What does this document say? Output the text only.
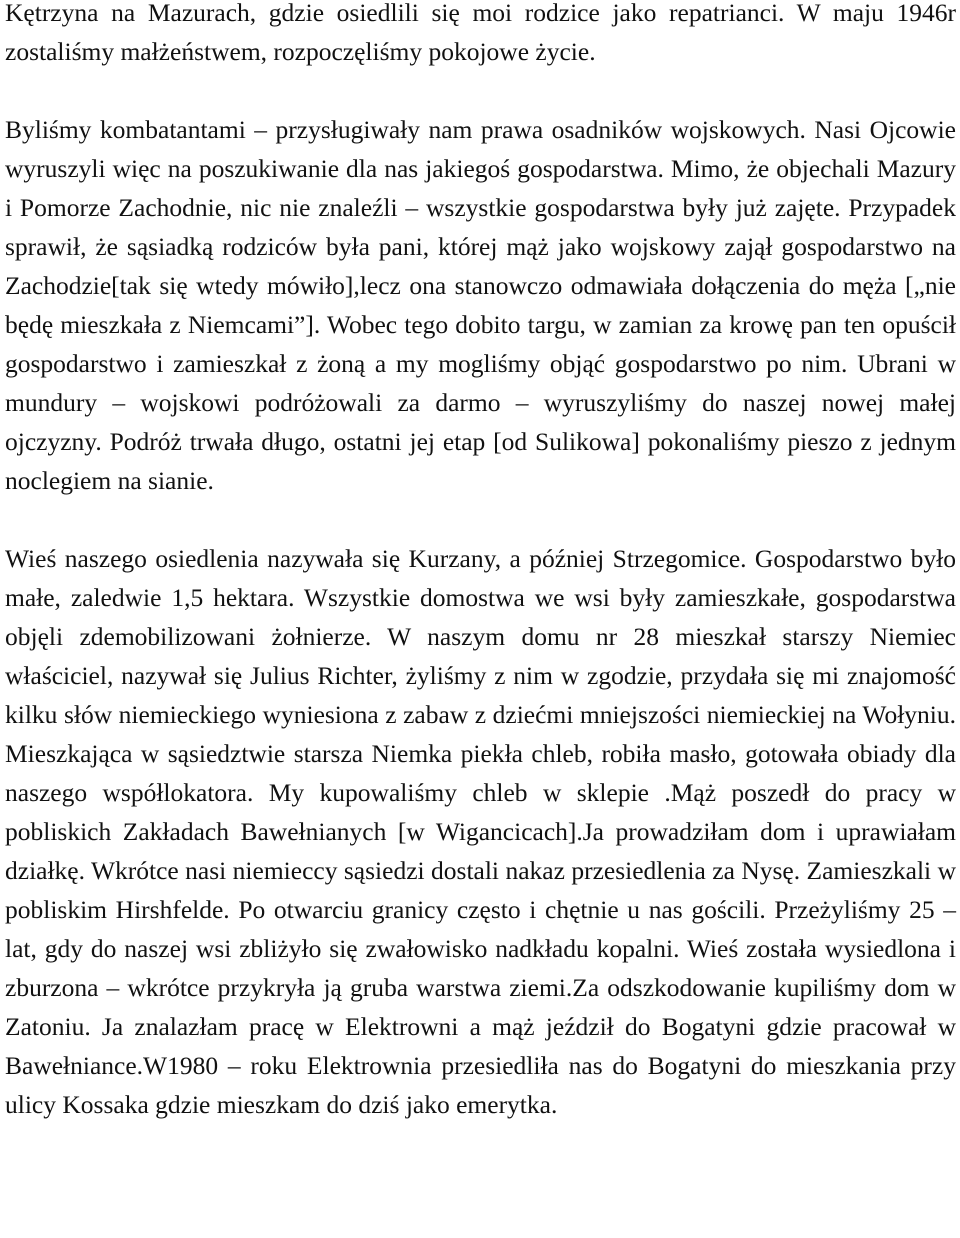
Kętrzyna na Mazurach, gdzie osiedlili się moi rodzice jako repatrianci. W maju 1946r zostaliśmy małżeństwem, rozpoczęliśmy pokojowe życie.

Byliśmy kombatantami – przysługiwały nam prawa osadników wojskowych. Nasi Ojcowie wyruszyli więc na poszukiwanie dla nas jakiegoś gospodarstwa. Mimo, że objechali Mazury i Pomorze Zachodnie, nic nie znaleźli – wszystkie gospodarstwa były już zajęte. Przypadek sprawił, że sąsiadką rodziców była pani, której mąż jako wojskowy zajął gospodarstwo na Zachodzie[tak się wtedy mówiło],lecz ona stanowczo odmawiała dołączenia do męża [„nie będę mieszkała z Niemcami”]. Wobec tego dobito targu, w zamian za krowę pan ten opuścił gospodarstwo i zamieszkał z żoną a my mogliśmy objąć gospodarstwo po nim. Ubrani w mundury – wojskowi podróżowali za darmo – wyruszyliśmy do naszej nowej małej ojczyzny. Podróż trwała długo, ostatni jej etap [od Sulikowa] pokonaliśmy pieszo z jednym noclegiem na sianie.

Wieś naszego osiedlenia nazywała się Kurzany, a później Strzegomice. Gospodarstwo było małe, zaledwie 1,5 hektara. Wszystkie domostwa we wsi były zamieszkałe, gospodarstwa objęli zdemobilizowani żołnierze. W naszym domu nr 28 mieszkał starszy Niemiec właściciel, nazywał się Julius Richter, żyliśmy z nim w zgodzie, przydała się mi znajomość kilku słów niemieckiego wyniesiona z zabaw z dziećmi mniejszości niemieckiej na Wołyniu. Mieszkająca w sąsiedztwie starsza Niemka piekła chleb, robiła masło, gotowała obiady dla naszego współlokatora. My kupowaliśmy chleb w sklepie .Mąż poszedł do pracy w pobliskich Zakładach Bawełnianych [w Wigancicach].Ja prowadziłam dom i uprawiałam działkę. Wkrótce nasi niemieccy sąsiedzi dostali nakaz przesiedlenia za Nysę. Zamieszkali w pobliskim Hirshfelde. Po otwarciu granicy często i chętnie u nas gościli. Przeżyliśmy 25 – lat, gdy do naszej wsi zbliżyło się zwałowisko nadkładu kopalni. Wieś została wysiedlona i zburzona – wkrótce przykryła ją gruba warstwa ziemi.Za odszkodowanie kupiliśmy dom w Zatoniu. Ja znalazłam pracę w Elektrowni a mąż jeździł do Bogatyni gdzie pracował w Bawełniance.W1980 – roku Elektrownia przesiedliła nas do Bogatyni do mieszkania przy ulicy Kossaka gdzie mieszkam do dziś jako emerytka.
